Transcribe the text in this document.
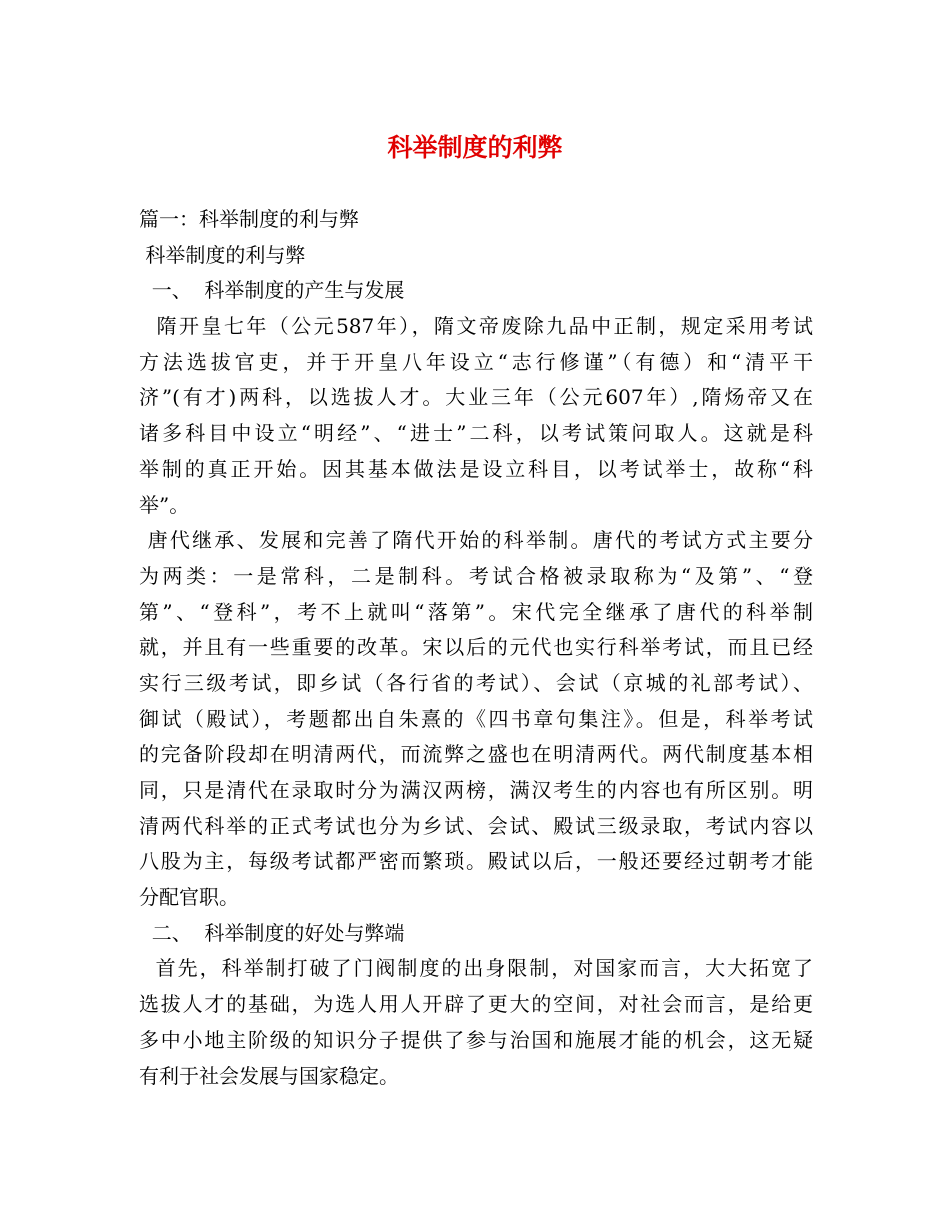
科举制度的利弊
篇一：科举制度的利与弊
科举制度的利与弊
一、  科举制度的产生与发展
隋开皇七年（公元587年），隋文帝废除九品中正制，规定采用考试
方法选拔官吏，并于开皇八年设立“志行修谨”（有德）和“清平干
济”(有才)两科，以选拔人才。大业三年（公元607年）,隋炀帝又在
诸多科目中设立“明经”、“进士”二科，以考试策问取人。这就是科
举制的真正开始。因其基本做法是设立科目，以考试举士，故称“科
举”。
唐代继承、发展和完善了隋代开始的科举制。唐代的考试方式主要分
为两类：一是常科，二是制科。考试合格被录取称为“及第”、“登
第”、“登科”，考不上就叫“落第”。宋代完全继承了唐代的科举制
就，并且有一些重要的改革。宋以后的元代也实行科举考试，而且已经
实行三级考试，即乡试（各行省的考试）、会试（京城的礼部考试）、
御试（殿试），考题都出自朱熹的《四书章句集注》。但是，科举考试
的完备阶段却在明清两代，而流弊之盛也在明清两代。两代制度基本相
同，只是清代在录取时分为满汉两榜，满汉考生的内容也有所区别。明
清两代科举的正式考试也分为乡试、会试、殿试三级录取，考试内容以
八股为主，每级考试都严密而繁琐。殿试以后，一般还要经过朝考才能
分配官职。
二、  科举制度的好处与弊端
首先，科举制打破了门阀制度的出身限制，对国家而言，大大拓宽了
选拔人才的基础，为选人用人开辟了更大的空间，对社会而言，是给更
多中小地主阶级的知识分子提供了参与治国和施展才能的机会，这无疑
有利于社会发展与国家稳定。
